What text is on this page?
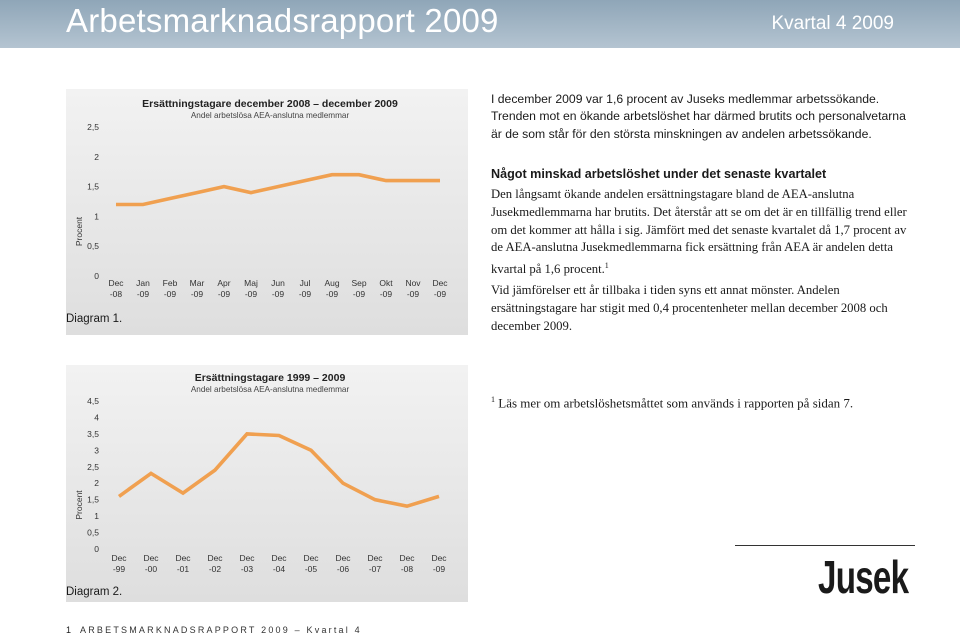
Arbetsmarknadsrapport 2009	Kvartal 4 2009
Ersättningstagare december 2008 – december 2009
Andel arbetslösa AEA-anslutna medlemmar
Procent
0
0,5
1
1,5
2
2,5
Dec
-08
Jan
-09
Feb
-09
Mar
-09
Apr
-09
Maj
-09
Jun
-09
Jul
-09
Aug
-09
Sep
-09
Okt
-09
Nov
-09
Dec
-09
Diagram 1.
Ersättningstagare 1999 – 2009
Andel arbetslösa AEA-anslutna medlemmar
Procent
0
0,5
1
1,5
2
2,5
3
3,5
4
4,5
Dec
-99
Dec
-00
Dec
-01
Dec
-02
Dec
-03
Dec
-04
Dec
-05
Dec
-06
Dec
-07
Dec
-08
Dec
-09
Diagram 2.
I december 2009 var 1,6 procent av Juseks medlemmar arbetssökande. Trenden mot en ökande arbetslöshet har därmed brutits och personalvetarna är de som står för den största minskningen av andelen arbetssökande.
Något minskad arbetslöshet under det senaste kvartalet
Den långsamt ökande andelen ersättningstagare bland de AEA-anslutna Jusekmedlemmarna har brutits. Det återstår att se om det är en tillfällig trend eller om det kommer att hålla i sig. Jämfört med det senaste kvartalet då 1,7 procent av de AEA-anslutna Jusekmedlemmarna fick ersättning från AEA är andelen detta kvartal på 1,6 procent.$^1$
Vid jämförelser ett år tillbaka i tiden syns ett annat mönster. Andelen ersättningstagare har stigit med 0,4 procentenheter mellan december 2008 och december 2009.
$^1$ Läs mer om arbetslöshetsmåttet som används i rapporten på sidan 7.
Jusek
1 ARBETSMARKNADSRAPPORT 2009 – Kvartal 4
